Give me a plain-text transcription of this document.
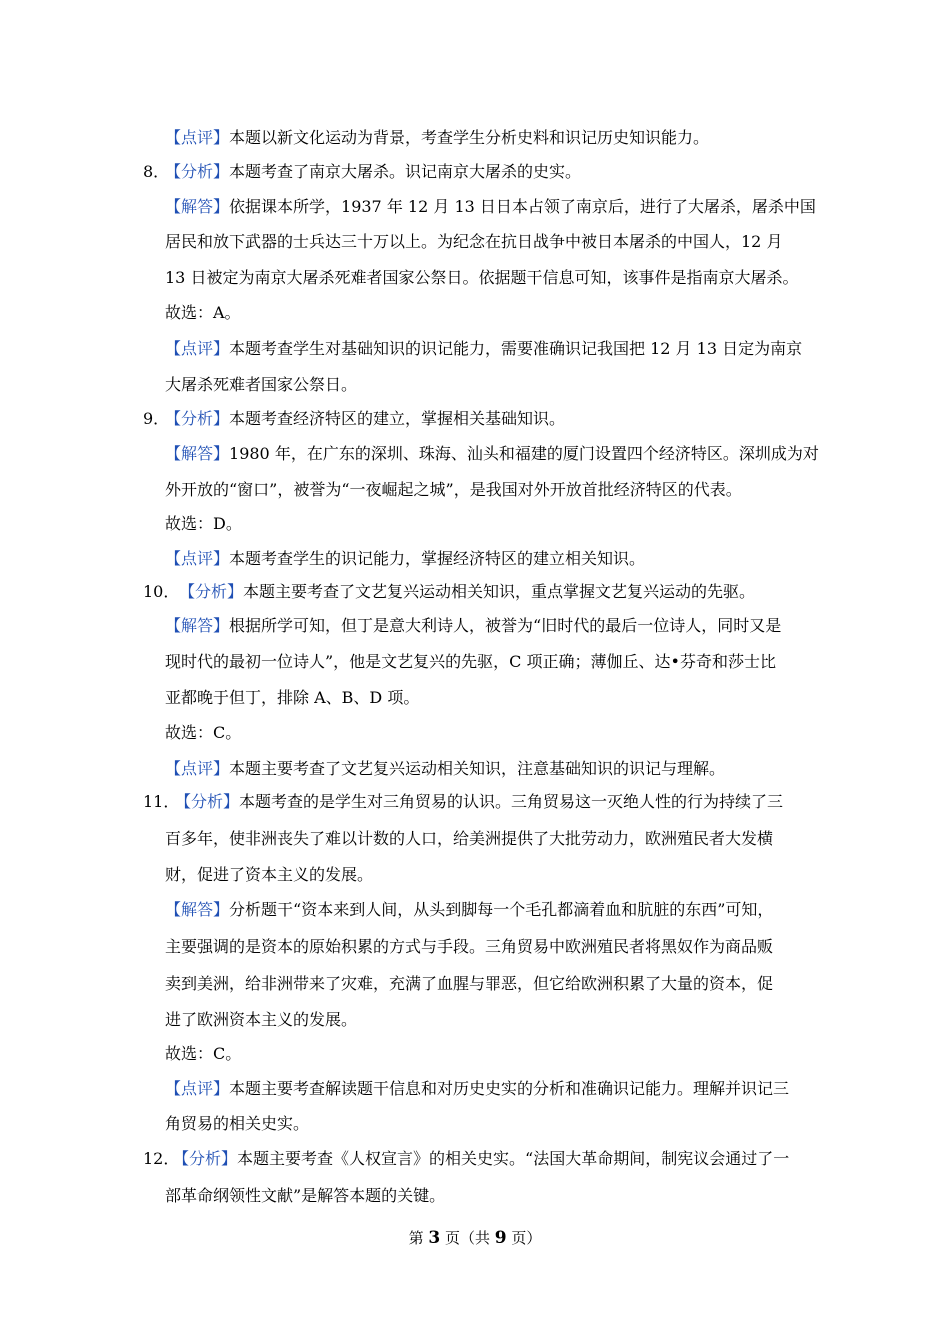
【点评】本题以新文化运动为背景，考查学生分析史料和识记历史知识能力。
8．
【分析】本题考查了南京大屠杀。识记南京大屠杀的史实。
【解答】依据课本所学，1937 年 12 月 13 日日本占领了南京后，进行了大屠杀，屠杀中国
居民和放下武器的士兵达三十万以上。为纪念在抗日战争中被日本屠杀的中国人，12 月
13 日被定为南京大屠杀死难者国家公祭日。依据题干信息可知，该事件是指南京大屠杀。
故选：A。
【点评】本题考查学生对基础知识的识记能力，需要准确识记我国把 12 月 13 日定为南京
大屠杀死难者国家公祭日。
9．
【分析】本题考查经济特区的建立，掌握相关基础知识。
【解答】1980 年，在广东的深圳、珠海、汕头和福建的厦门设置四个经济特区。深圳成为对
外开放的“窗口”，被誉为“一夜崛起之城”，是我国对外开放首批经济特区的代表。
故选：D。
【点评】本题考查学生的识记能力，掌握经济特区的建立相关知识。
10． 【分析】本题主要考查了文艺复兴运动相关知识，重点掌握文艺复兴运动的先驱。
【解答】根据所学可知，但丁是意大利诗人，被誉为“旧时代的最后一位诗人，同时又是
现时代的最初一位诗人”，他是文艺复兴的先驱，C 项正确；薄伽丘、达•芬奇和莎士比
亚都晚于但丁，排除 A、B、D 项。
故选：C。
【点评】本题主要考查了文艺复兴运动相关知识，注意基础知识的识记与理解。
11．
【分析】本题考查的是学生对三角贸易的认识。三角贸易这一灭绝人性的行为持续了三
百多年，使非洲丧失了难以计数的人口，给美洲提供了大批劳动力，欧洲殖民者大发横
财，促进了资本主义的发展。
【解答】分析题干“资本来到人间，从头到脚每一个毛孔都滴着血和肮脏的东西”可知，
主要强调的是资本的原始积累的方式与手段。三角贸易中欧洲殖民者将黑奴作为商品贩
卖到美洲，给非洲带来了灾难，充满了血腥与罪恶，但它给欧洲积累了大量的资本，促
进了欧洲资本主义的发展。
故选：C。
【点评】本题主要考查解读题干信息和对历史史实的分析和准确识记能力。理解并识记三
角贸易的相关史实。
12．
【分析】本题主要考查《人权宣言》的相关史实。“法国大革命期间，制宪议会通过了一
部革命纲领性文献”是解答本题的关键。
第 3 页（共 9 页）
